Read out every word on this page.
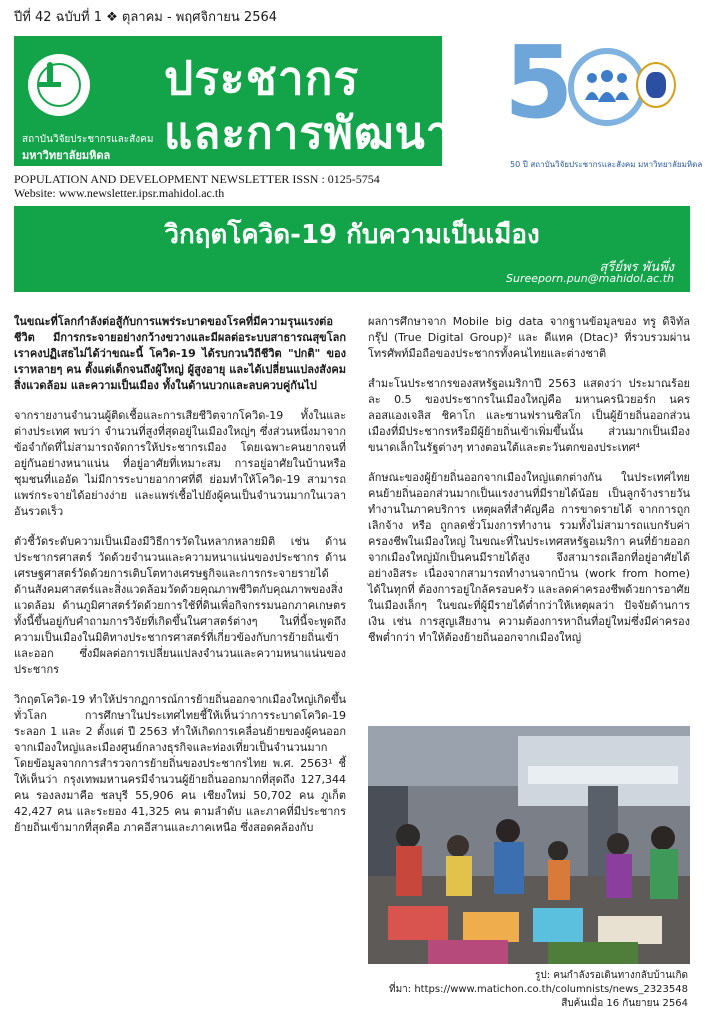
ปีที่ 42 ฉบับที่ 1 ❖ ตุลาคม - พฤศจิกายน 2564
สถาบันวิจัยประชากรและสังคม
มหาวิทยาลัยมหิดล
ประชากร
และการพัฒนา 5
50 ปี สถาบันวิจัยประชากรและสังคม มหาวิทยาลัยมหิดล
POPULATION AND DEVELOPMENT NEWSLETTER ISSN : 0125-5754
Website: www.newsletter.ipsr.mahidol.ac.th
วิกฤตโควิด-19 กับความเป็นเมือง
สุรีย์พร พันพึ่ง
Sureeporn.pun@mahidol.ac.th

ในขณะที่โลกกำลังต่อสู้กับการแพร่ระบาดของโรคที่มีความรุนแรงต่อชีวิต มีการกระจายอย่างกว้างขวางและมีผลต่อระบบสาธารณสุขโลก เราคงปฏิเสธไม่ได้ว่าขณะนี้ โควิด-19 ได้รบกวนวิถีชีวิต "ปกติ" ของเราหลายๆ คน ตั้งแต่เด็กจนถึงผู้ใหญ่ ผู้สูงอายุ และได้เปลี่ยนแปลงสังคม สิ่งแวดล้อม และความเป็นเมือง ทั้งในด้านบวกและลบควบคู่กันไป

จากรายงานจำนวนผู้ติดเชื้อและการเสียชีวิตจากโควิด-19 ทั้งในและต่างประเทศ พบว่า จำนวนที่สูงที่สุดอยู่ในเมืองใหญ่ๆ ซึ่งส่วนหนึ่งมาจากข้อจำกัดที่ไม่สามารถจัดการให้ประชากรเมือง โดยเฉพาะคนยากจนที่อยู่กันอย่างหนาแน่น ที่อยู่อาศัยที่เหมาะสม การอยู่อาศัยในบ้านหรือชุมชนที่แออัด ไม่มีการระบายอากาศที่ดี ย่อมทำให้โควิด-19 สามารถแพร่กระจายได้อย่างง่าย และแพร่เชื้อไปยังผู้คนเป็นจำนวนมากในเวลาอันรวดเร็ว

ตัวชี้วัดระดับความเป็นเมืองมีวิธีการวัดในหลากหลายมิติ เช่น ด้านประชากรศาสตร์ วัดด้วยจำนวนและความหนาแน่นของประชากร ด้านเศรษฐศาสตร์วัดด้วยการเติบโตทางเศรษฐกิจและการกระจายรายได้ ด้านสังคมศาสตร์และสิ่งแวดล้อมวัดด้วยคุณภาพชีวิตกับคุณภาพของสิ่งแวดล้อม ด้านภูมิศาสตร์วัดด้วยการใช้ที่ดินเพื่อกิจกรรมนอกภาคเกษตร ทั้งนี้ขึ้นอยู่กับคำถามการวิจัยที่เกิดขึ้นในศาสตร์ต่างๆ ในที่นี้จะพูดถึงความเป็นเมืองในมิติทางประชากรศาสตร์ที่เกี่ยวข้องกับการย้ายถิ่นเข้าและออก ซึ่งมีผลต่อการเปลี่ยนแปลงจำนวนและความหนาแน่นของประชากร

วิกฤตโควิด-19 ทำให้ปรากฏการณ์การย้ายถิ่นออกจากเมืองใหญ่เกิดขึ้นทั่วโลก การศึกษาในประเทศไทยชี้ให้เห็นว่าการระบาดโควิด-19 ระลอก 1 และ 2 ตั้งแต่ ปี 2563 ทำให้เกิดการเคลื่อนย้ายของผู้คนออกจากเมืองใหญ่และเมืองศูนย์กลางธุรกิจและท่องเที่ยวเป็นจำนวนมาก โดยข้อมูลจากการสำรวจการย้ายถิ่นของประชากรไทย พ.ศ. 2563¹ ชี้ให้เห็นว่า กรุงเทพมหานครมีจำนวนผู้ย้ายถิ่นออกมากที่สุดถึง 127,344 คน รองลงมาคือ ชลบุรี 55,906 คน เชียงใหม่ 50,702 คน ภูเก็ต 42,427 คน และระยอง 41,325 คน ตามลำดับ และภาคที่มีประชากรย้ายถิ่นเข้ามากที่สุดคือ ภาคอีสานและภาคเหนือ ซึ่งสอดคล้องกับ

ผลการศึกษาจาก Mobile big data จากฐานข้อมูลของ ทรู ดิจิทัล กรุ๊ป (True Digital Group)² และ ดีแทค (Dtac)³ ที่รวบรวมผ่านโทรศัพท์มือถือของประชากรทั้งคนไทยและต่างชาติ

สำมะโนประชากรของสหรัฐอเมริกาปี 2563 แสดงว่า ประมาณร้อยละ 0.5 ของประชากรในเมืองใหญ่คือ มหานครนิวยอร์ก นครลอสแองเจลิส ชิคาโก และซานฟรานซิสโก เป็นผู้ย้ายถิ่นออกส่วนเมืองที่มีประชากรหรือมีผู้ย้ายถิ่นเข้าเพิ่มขึ้นนั้น ส่วนมากเป็นเมืองขนาดเล็กในรัฐต่างๆ ทางตอนใต้และตะวันตกของประเทศ⁴

ลักษณะของผู้ย้ายถิ่นออกจากเมืองใหญ่แตกต่างกัน ในประเทศไทย คนย้ายถิ่นออกส่วนมากเป็นแรงงานที่มีรายได้น้อย เป็นลูกจ้างรายวัน ทำงานในภาคบริการ เหตุผลที่สำคัญคือ การขาดรายได้ จากการถูกเลิกจ้าง หรือ ถูกลดชั่วโมงการทำงาน รวมทั้งไม่สามารถแบกรับค่าครองชีพในเมืองใหญ่ ในขณะที่ในประเทศสหรัฐอเมริกา คนที่ย้ายออกจากเมืองใหญ่มักเป็นคนมีรายได้สูง จึงสามารถเลือกที่อยู่อาศัยได้อย่างอิสระ เนื่องจากสามารถทำงานจากบ้าน (work from home) ได้ในทุกที่ ต้องการอยู่ใกล้ครอบครัว และลดค่าครองชีพด้วยการอาศัยในเมืองเล็กๆ ในขณะที่ผู้มีรายได้ต่ำกว่าให้เหตุผลว่า ปัจจัยด้านการเงิน เช่น การสูญเสียงาน ความต้องการหาถิ่นที่อยู่ใหม่ซึ่งมีค่าครองชีพต่ำกว่า ทำให้ต้องย้ายถิ่นออกจากเมืองใหญ่

รูป: คนกำลังรอเดินทางกลับบ้านเกิด
ที่มา: https://www.matichon.co.th/columnists/news_2323548
สืบค้นเมื่อ 16 กันยายน 2564
